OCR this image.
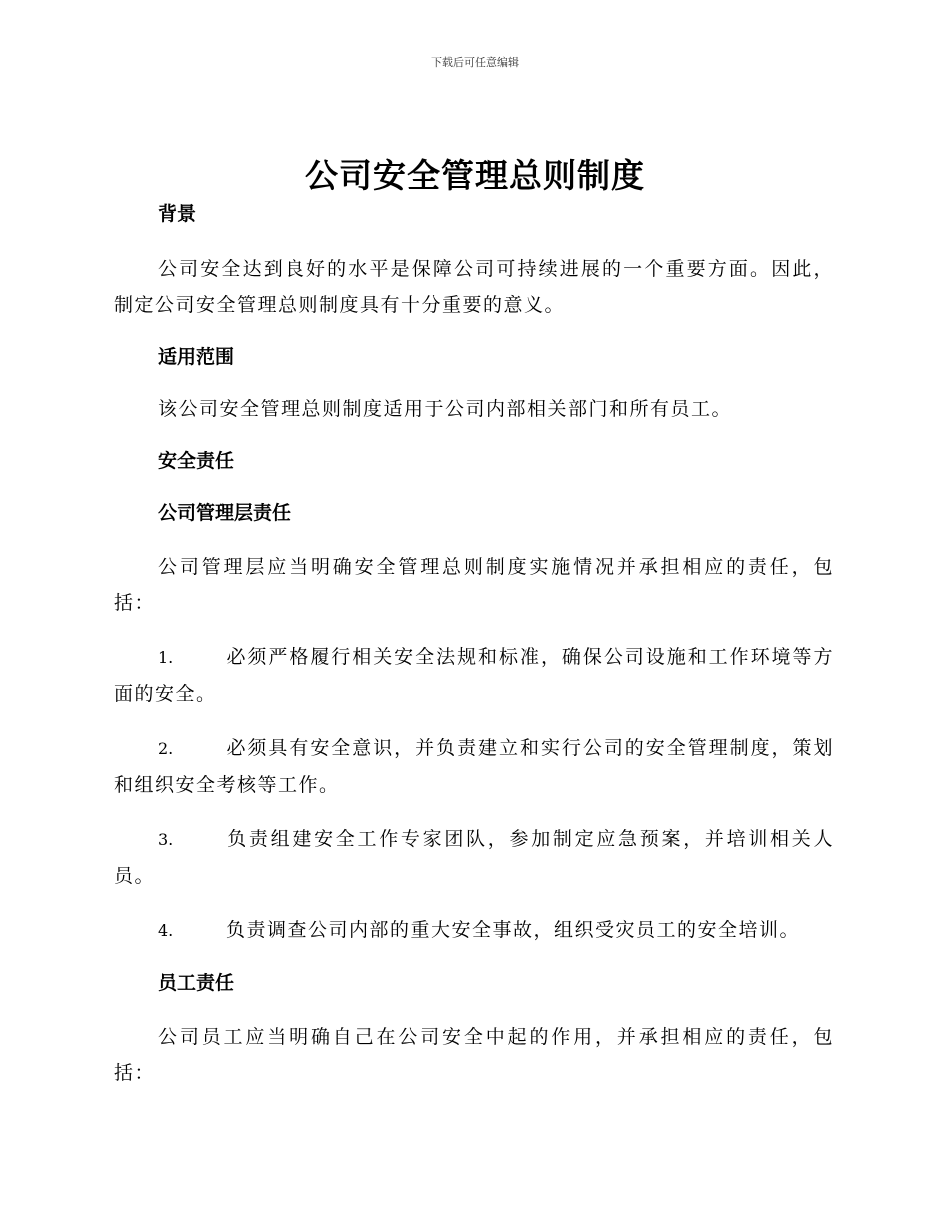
下载后可任意编辑
公司安全管理总则制度

背景

公司安全达到良好的水平是保障公司可持续进展的一个重要方面。因此，制定公司安全管理总则制度具有十分重要的意义。

适用范围

该公司安全管理总则制度适用于公司内部相关部门和所有员工。

安全责任

公司管理层责任

公司管理层应当明确安全管理总则制度实施情况并承担相应的责任，包括：

1.	必须严格履行相关安全法规和标准，确保公司设施和工作环境等方面的安全。

2.	必须具有安全意识，并负责建立和实行公司的安全管理制度，策划和组织安全考核等工作。

3.	负责组建安全工作专家团队，参加制定应急预案，并培训相关人员。

4.	负责调查公司内部的重大安全事故，组织受灾员工的安全培训。

员工责任

公司员工应当明确自己在公司安全中起的作用，并承担相应的责任，包括：
